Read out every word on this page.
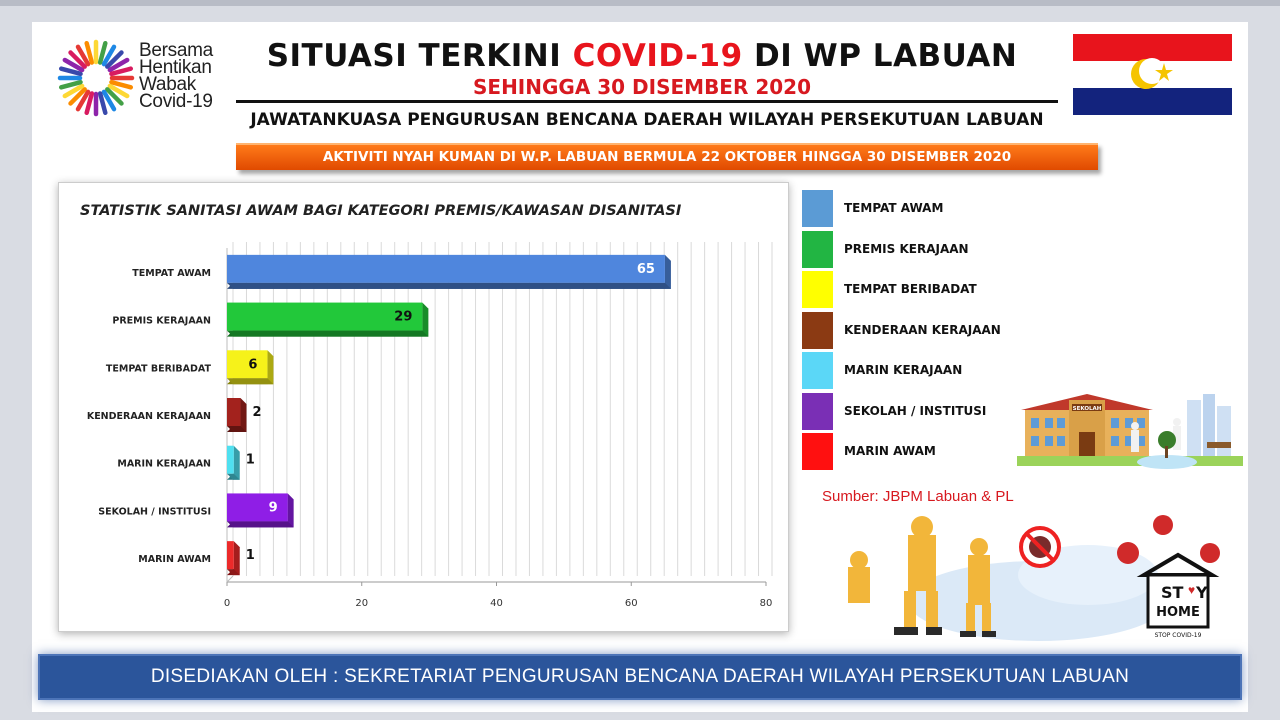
Bersama
Hentikan
Wabak
Covid-19
SITUASI TERKINI COVID-19 DI WP LABUAN
SEHINGGA 30 DISEMBER 2020
JAWATANKUASA PENGURUSAN BENCANA DAERAH WILAYAH PERSEKUTUAN LABUAN
AKTIVITI NYAH KUMAN DI W.P. LABUAN BERMULA 22 OKTOBER HINGGA 30 DISEMBER 2020
STATISTIK SANITASI AWAM BAGI KATEGORI PREMIS/KAWASAN DISANITASI
0	20	40	60	80
TEMPAT AWAM	65
PREMIS KERAJAAN	29
TEMPAT BERIBADAT	6
KENDERAAN KERAJAAN	2
MARIN KERAJAAN	1
SEKOLAH / INSTITUSI	9
MARIN AWAM	1
TEMPAT AWAM
PREMIS KERAJAAN
TEMPAT BERIBADAT
KENDERAAN KERAJAAN
MARIN KERAJAAN
SEKOLAH / INSTITUSI
MARIN AWAM
SEKOLAH
Sumber: JBPM Labuan & PL
ST ♥ Y
HOME
STOP COVID-19
DISEDIAKAN OLEH : SEKRETARIAT PENGURUSAN BENCANA DAERAH WILAYAH PERSEKUTUAN LABUAN
